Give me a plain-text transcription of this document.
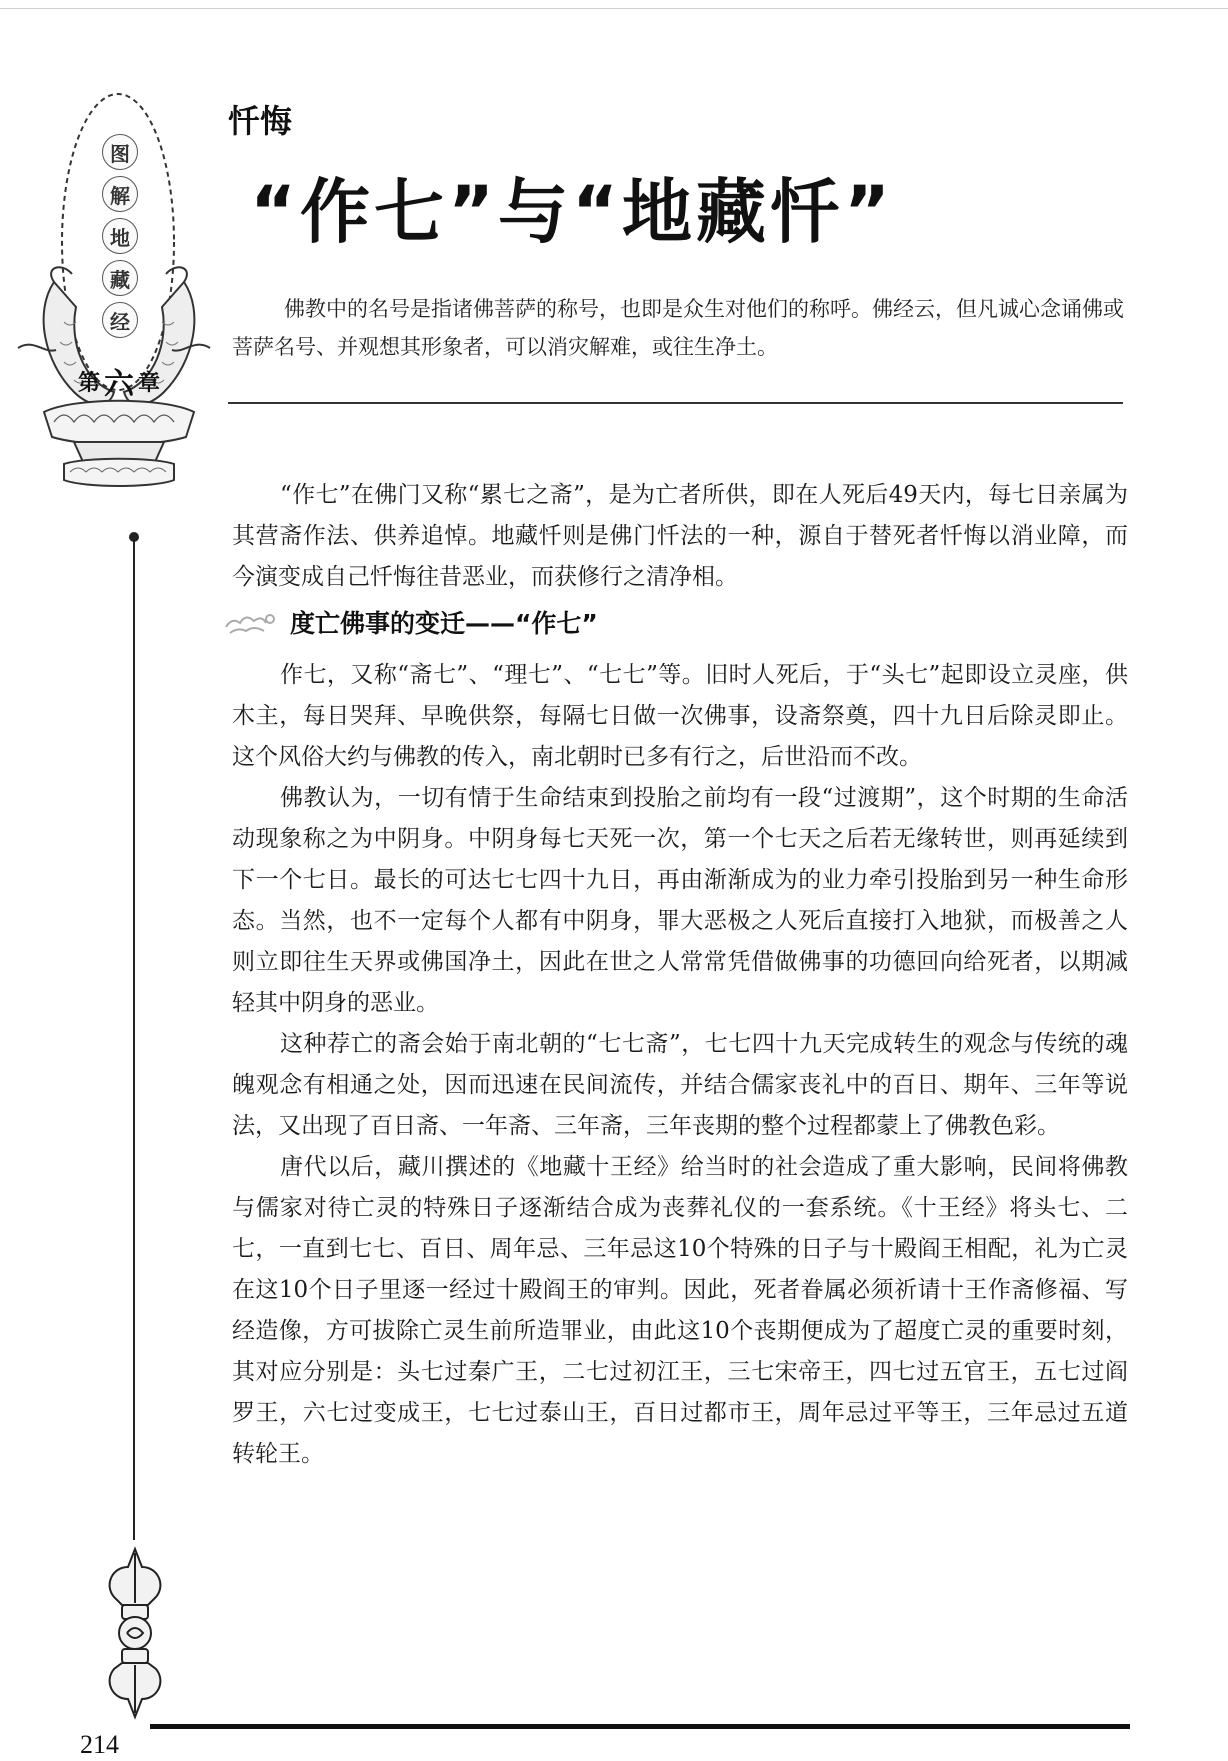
图
解
地
藏
经
第 六 章
忏悔
“作七”与“地藏忏”
佛教中的名号是指诸佛菩萨的称号，也即是众生对他们的称呼。佛经云，但凡诚心念诵佛或菩萨名号、并观想其形象者，可以消灾解难，或往生净土。
“作七”在佛门又称“累七之斋”，是为亡者所供，即在人死后49天内，每七日亲属为其营斋作法、供养追悼。地藏忏则是佛门忏法的一种，源自于替死者忏悔以消业障，而今演变成自己忏悔往昔恶业，而获修行之清净相。
度亡佛事的变迁——“作七”

作七，又称“斋七”、“理七”、“七七”等。旧时人死后，于“头七”起即设立灵座，供木主，每日哭拜、早晚供祭，每隔七日做一次佛事，设斋祭奠，四十九日后除灵即止。这个风俗大约与佛教的传入，南北朝时已多有行之，后世沿而不改。

佛教认为，一切有情于生命结束到投胎之前均有一段“过渡期”，这个时期的生命活动现象称之为中阴身。中阴身每七天死一次，第一个七天之后若无缘转世，则再延续到下一个七日。最长的可达七七四十九日，再由渐渐成为的业力牵引投胎到另一种生命形态。当然，也不一定每个人都有中阴身，罪大恶极之人死后直接打入地狱，而极善之人则立即往生天界或佛国净土，因此在世之人常常凭借做佛事的功德回向给死者，以期减轻其中阴身的恶业。

这种荐亡的斋会始于南北朝的“七七斋”，七七四十九天完成转生的观念与传统的魂魄观念有相通之处，因而迅速在民间流传，并结合儒家丧礼中的百日、期年、三年等说法，又出现了百日斋、一年斋、三年斋，三年丧期的整个过程都蒙上了佛教色彩。

唐代以后，藏川撰述的《地藏十王经》给当时的社会造成了重大影响，民间将佛教与儒家对待亡灵的特殊日子逐渐结合成为丧葬礼仪的一套系统。《十王经》将头七、二七，一直到七七、百日、周年忌、三年忌这10个特殊的日子与十殿阎王相配，礼为亡灵在这10个日子里逐一经过十殿阎王的审判。因此，死者眷属必须祈请十王作斋修福、写经造像，方可拔除亡灵生前所造罪业，由此这10个丧期便成为了超度亡灵的重要时刻，其对应分别是：头七过秦广王，二七过初江王，三七宋帝王，四七过五官王，五七过阎罗王，六七过变成王，七七过泰山王，百日过都市王，周年忌过平等王，三年忌过五道转轮王。

214
